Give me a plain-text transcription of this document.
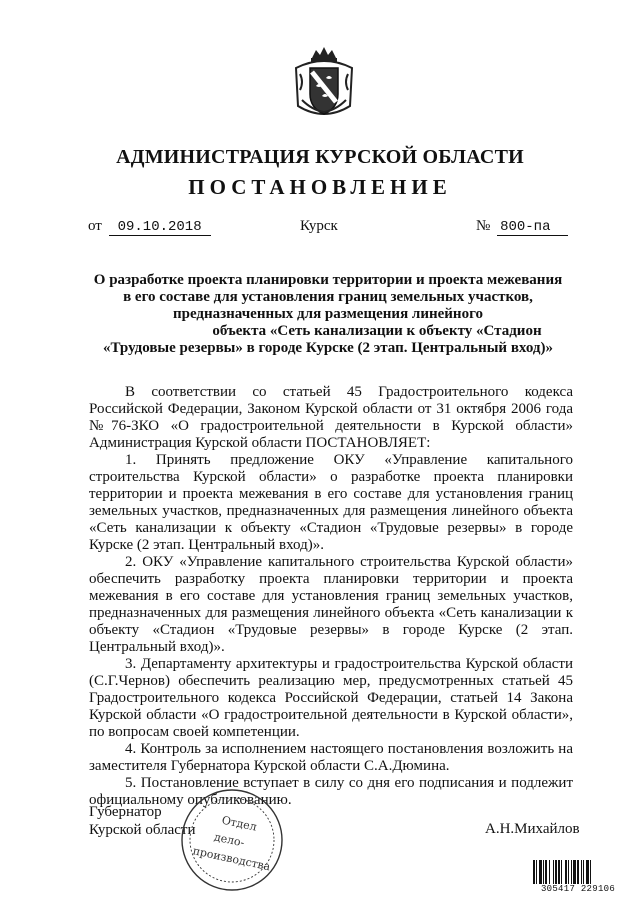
АДМИНИСТРАЦИЯ КУРСКОЙ ОБЛАСТИ
ПОСТАНОВЛЕНИЕ
от 09.10.2018	Курск	№ 800-па
О разработке проекта планировки территории и проекта межевания
в его составе для установления границ земельных участков,
предназначенных для размещения линейного
объекта «Сеть канализации к объекту «Стадион
«Трудовые резервы» в городе Курске (2 этап. Центральный вход)»

В соответствии со статьей 45 Градостроительного кодекса Российской Федерации, Законом Курской области от 31 октября 2006 года №76-ЗКО «О градостроительной деятельности в Курской области» Администрация Курской области ПОСТАНОВЛЯЕТ:

1. Принять предложение ОКУ «Управление капитального строительства Курской области» о разработке проекта планировки территории и проекта межевания в его составе для установления границ земельных участков, предназначенных для размещения линейного объекта «Сеть канализации к объекту «Стадион «Трудовые резервы» в городе Курске (2 этап. Центральный вход)».

2. ОКУ «Управление капитального строительства Курской области» обеспечить разработку проекта планировки территории и проекта межевания в его составе для установления границ земельных участков, предназначенных для размещения линейного объекта «Сеть канализации к объекту «Стадион «Трудовые резервы» в городе Курске (2 этап. Центральный вход)».

3. Департаменту архитектуры и градостроительства Курской области (С.Г.Чернов) обеспечить реализацию мер, предусмотренных статьей 45 Градостроительного кодекса Российской Федерации, статьей 14 Закона Курской области «О градостроительной деятельности в Курской области», по вопросам своей компетенции.

4. Контроль за исполнением настоящего постановления возложить на заместителя Губернатора Курской области С.А.Дюмина.

5. Постановление вступает в силу со дня его подписания и подлежит официальному опубликованию.

Губернатор
Курской области	А.Н.Михайлов
Отдел
дело-
производства
305417 229106
